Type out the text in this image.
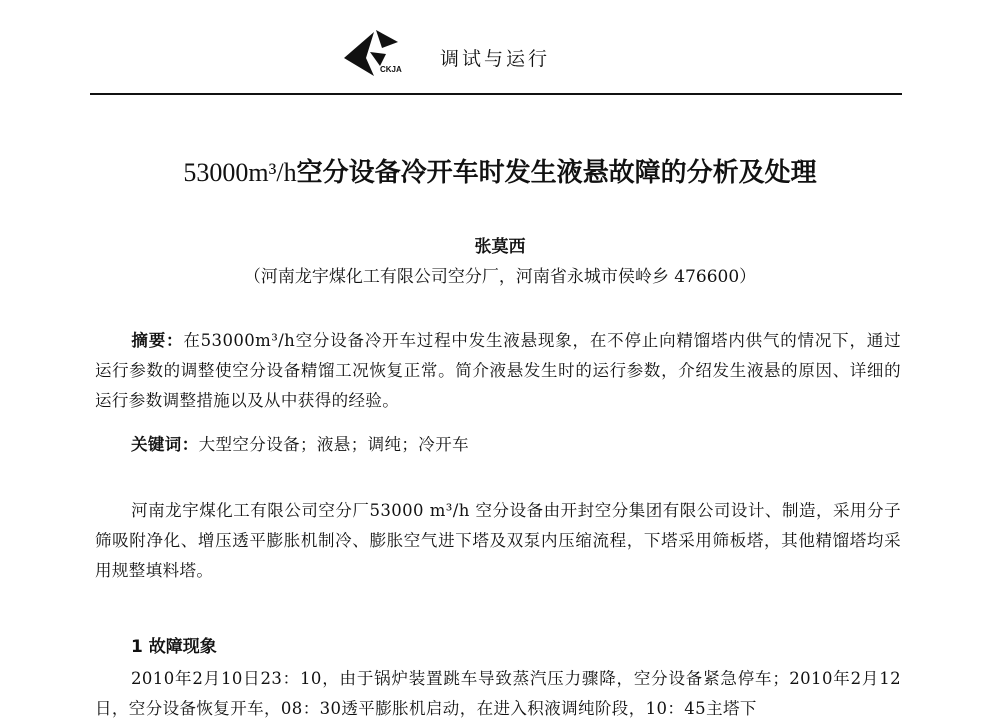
CKJA 调试与运行
53000m³/h空分设备冷开车时发生液悬故障的分析及处理
张莫西
（河南龙宇煤化工有限公司空分厂，河南省永城市侯岭乡 476600）
摘要：在53000m³/h空分设备冷开车过程中发生液悬现象，在不停止向精馏塔内供气的情况下，通过运行参数的调整使空分设备精馏工况恢复正常。简介液悬发生时的运行参数，介绍发生液悬的原因、详细的运行参数调整措施以及从中获得的经验。
关键词：大型空分设备；液悬；调纯；冷开车
河南龙宇煤化工有限公司空分厂53000 m³/h 空分设备由开封空分集团有限公司设计、制造，采用分子筛吸附净化、增压透平膨胀机制冷、膨胀空气进下塔及双泵内压缩流程，下塔采用筛板塔，其他精馏塔均采用规整填料塔。
1 故障现象
2010年2月10日23：10，由于锅炉装置跳车导致蒸汽压力骤降，空分设备紧急停车；2010年2月12日，空分设备恢复开车，08：30透平膨胀机启动，在进入积液调纯阶段，10：45主塔下
